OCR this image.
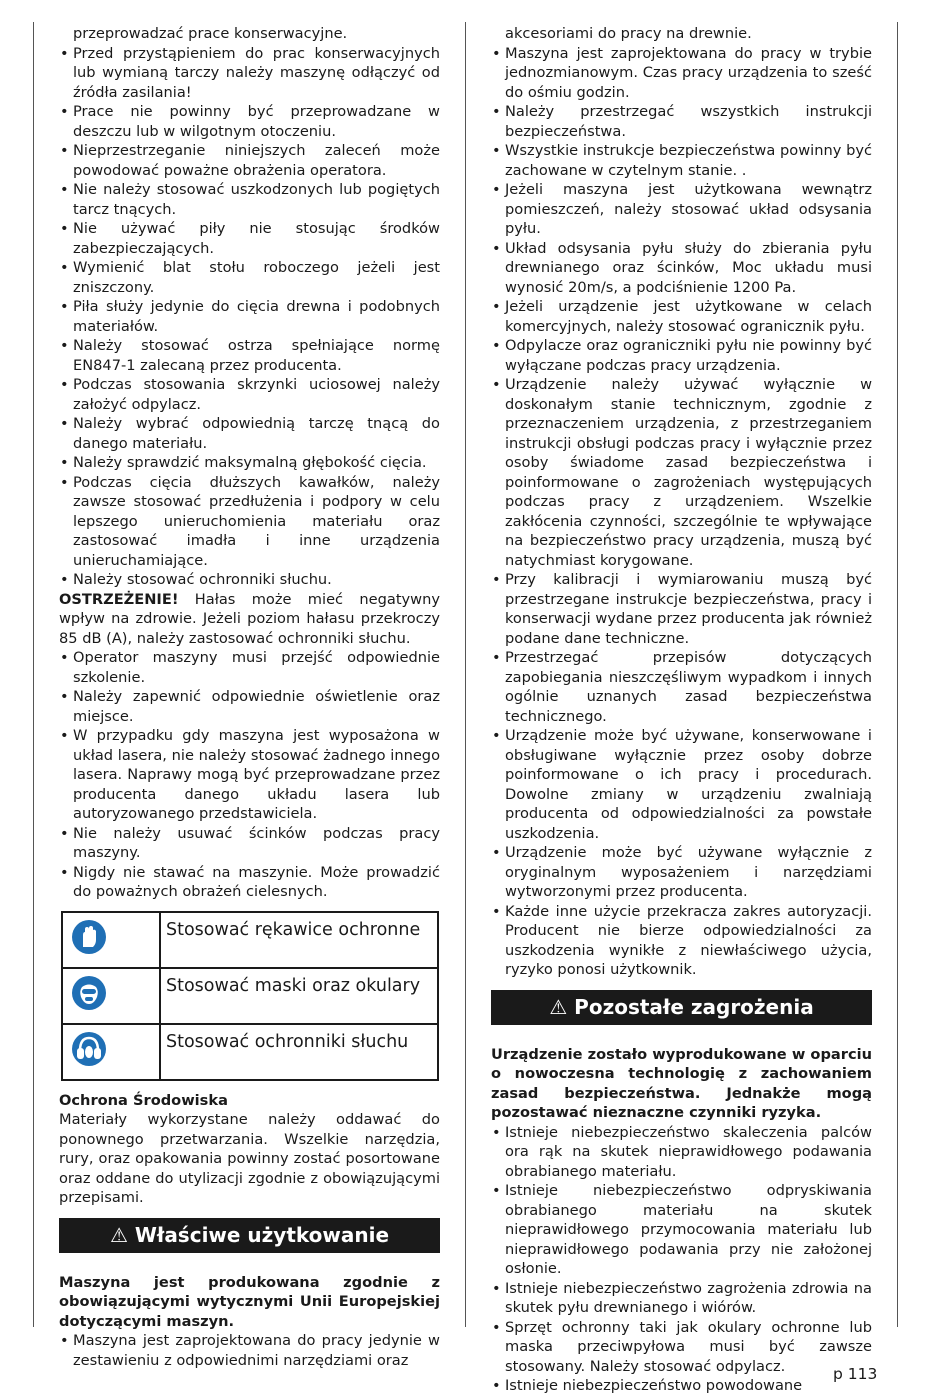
przeprowadzać prace konserwacyjne.
• Przed przystąpieniem do prac konserwacyjnych lub wymianą tarczy należy maszynę odłączyć od źródła zasilania!
• Prace nie powinny być przeprowadzane w deszczu lub w wilgotnym otoczeniu.
• Nieprzestrzeganie niniejszych zaleceń może powodować poważne obrażenia operatora.
• Nie należy stosować uszkodzonych lub pogiętych tarcz tnących.
• Nie używać piły nie stosując środków zabezpieczających.
• Wymienić blat stołu roboczego jeżeli jest zniszczony.
• Piła służy jedynie do cięcia drewna i podobnych materiałów.
• Należy stosować ostrza spełniające normę EN847-1 zalecaną przez producenta.
• Podczas stosowania skrzynki uciosowej należy założyć odpylacz.
• Należy wybrać odpowiednią tarczę tnącą do danego materiału.
• Należy sprawdzić maksymalną głębokość cięcia.
• Podczas cięcia dłuższych kawałków, należy zawsze stosować przedłużenia i podpory w celu lepszego unieruchomienia materiału oraz zastosować imadła i inne urządzenia unieruchamiające.
• Należy stosować ochronniki słuchu.

OSTRZEŻENIE! Hałas może mieć negatywny wpływ na zdrowie. Jeżeli poziom hałasu przekroczy 85 dB (A), należy zastosować ochronniki słuchu.

• Operator maszyny musi przejść odpowiednie szkolenie.
• Należy zapewnić odpowiednie oświetlenie oraz miejsce.
• W przypadku gdy maszyna jest wyposażona w układ lasera, nie należy stosować żadnego innego lasera. Naprawy mogą być przeprowadzane przez producenta danego układu lasera lub autoryzowanego przedstawiciela.
• Nie należy usuwać ścinków podczas pracy maszyny.
• Nigdy nie stawać na maszynie. Może prowadzić do poważnych obrażeń cielesnych.
	Stosować rękawice ochronne

	Stosować maski oraz okulary

	Stosować ochronniki słuchu
Ochrona Środowiska

Materiały wykorzystane należy oddawać do ponownego przetwarzania. Wszelkie narzędzia, rury, oraz opakowania powinny zostać posortowane oraz oddane do utylizacji zgodnie z obowiązującymi przepisami.

⚠ Właściwe użytkowanie

Maszyna jest produkowana zgodnie z obowiązującymi wytycznymi Unii Europejskiej dotyczącymi maszyn.

• Maszyna jest zaprojektowana do pracy jedynie w zestawieniu z odpowiednimi narzędziami oraz
akcesoriami do pracy na drewnie.
• Maszyna jest zaprojektowana do pracy w trybie jednozmianowym. Czas pracy urządzenia to sześć do ośmiu godzin.
• Należy przestrzegać wszystkich instrukcji bezpieczeństwa.
• Wszystkie instrukcje bezpieczeństwa powinny być zachowane w czytelnym stanie. .
• Jeżeli maszyna jest użytkowana wewnątrz pomieszczeń, należy stosować układ odsysania pyłu.
• Układ odsysania pyłu służy do zbierania pyłu drewnianego oraz ścinków, Moc układu musi wynosić 20m/s, a podciśnienie 1200 Pa.
• Jeżeli urządzenie jest użytkowane w celach komercyjnych, należy stosować ogranicznik pyłu.
• Odpylacze oraz ograniczniki pyłu nie powinny być wyłączane podczas pracy urządzenia.
• Urządzenie należy używać wyłącznie w doskonałym stanie technicznym, zgodnie z przeznaczeniem urządzenia, z przestrzeganiem instrukcji obsługi podczas pracy i wyłącznie przez osoby świadome zasad bezpieczeństwa i poinformowane o zagrożeniach występujących podczas pracy z urządzeniem. Wszelkie zakłócenia czynności, szczególnie te wpływające na bezpieczeństwo pracy urządzenia, muszą być natychmiast korygowane.
• Przy kalibracji i wymiarowaniu muszą być przestrzegane instrukcje bezpieczeństwa, pracy i konserwacji wydane przez producenta jak również podane dane techniczne.
• Przestrzegać przepisów dotyczących zapobiegania nieszczęśliwym wypadkom i innych ogólnie uznanych zasad bezpieczeństwa technicznego.
• Urządzenie może być używane, konserwowane i obsługiwane wyłącznie przez osoby dobrze poinformowane o ich pracy i procedurach. Dowolne zmiany w urządzeniu zwalniają producenta od odpowiedzialności za powstałe uszkodzenia.
• Urządzenie może być używane wyłącznie z oryginalnym wyposażeniem i narzędziami wytworzonymi przez producenta.
• Każde inne użycie przekracza zakres autoryzacji. Producent nie bierze odpowiedzialności za uszkodzenia wynikłe z niewłaściwego użycia, ryzyko ponosi użytkownik.
⚠ Pozostałe zagrożenia

Urządzenie zostało wyprodukowane w oparciu o nowoczesna technologię z zachowaniem zasad bezpieczeństwa. Jednakże mogą pozostawać nieznaczne czynniki ryzyka.

• Istnieje niebezpieczeństwo skaleczenia palców ora rąk na skutek nieprawidłowego podawania obrabianego materiału.
• Istnieje niebezpieczeństwo odpryskiwania obrabianego materiału na skutek nieprawidłowego przymocowania materiału lub nieprawidłowego podawania przy nie założonej osłonie.
• Istnieje niebezpieczeństwo zagrożenia zdrowia na skutek pyłu drewnianego i wiórów.
• Sprzęt ochronny taki jak okulary ochronne lub maska przeciwpyłowa musi być zawsze stosowany. Należy stosować odpylacz.
• Istnieje niebezpieczeństwo powodowane
p 113
